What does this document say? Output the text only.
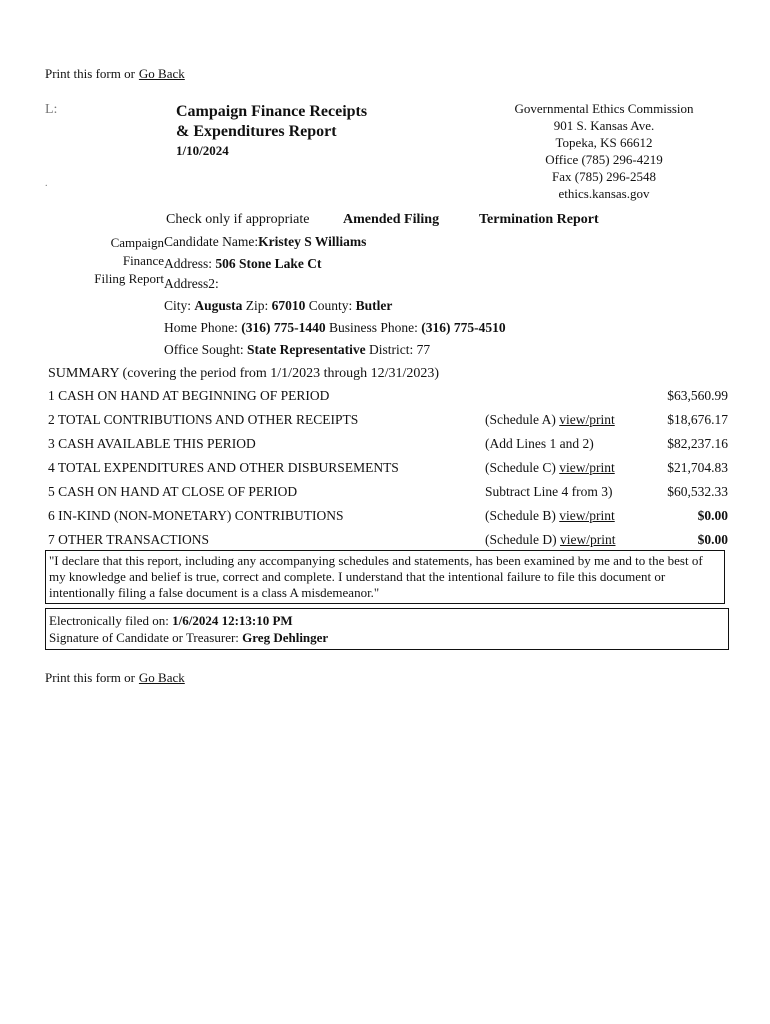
Print this form or Go Back
L:
.
Campaign Finance Receipts
& Expenditures Report
1/10/2024
Governmental Ethics Commission
901 S. Kansas Ave.
Topeka, KS 66612
Office (785) 296-4219
Fax (785) 296-2548
ethics.kansas.gov
Check only if appropriate Amended Filing	Termination Report
Campaign
Finance
Filing Report
Candidate Name:Kristey S Williams
Address: 506 Stone Lake Ct
Address2:
City: Augusta Zip: 67010 County: Butler
Home Phone: (316) 775-1440 Business Phone: (316) 775-4510
Office Sought: State Representative District: 77
SUMMARY (covering the period from 1/1/2023 through 12/31/2023)
1 CASH ON HAND AT BEGINNING OF PERIOD	$63,560.99
2 TOTAL CONTRIBUTIONS AND OTHER RECEIPTS	(Schedule A) view/print	$18,676.17
3 CASH AVAILABLE THIS PERIOD	(Add Lines 1 and 2)	$82,237.16
4 TOTAL EXPENDITURES AND OTHER DISBURSEMENTS	(Schedule C) view/print	$21,704.83
5 CASH ON HAND AT CLOSE OF PERIOD	Subtract Line 4 from 3)	$60,532.33
6 IN-KIND (NON-MONETARY) CONTRIBUTIONS	(Schedule B) view/print	$0.00
7 OTHER TRANSACTIONS	(Schedule D) view/print	$0.00
"I declare that this report, including any accompanying schedules and statements, has been examined by me and to the best of my knowledge and belief is true, correct and complete. I understand that the intentional failure to file this document or intentionally filing a false document is a class A misdemeanor."
Electronically filed on: 1/6/2024 12:13:10 PM
Signature of Candidate or Treasurer: Greg Dehlinger
Print this form or Go Back
